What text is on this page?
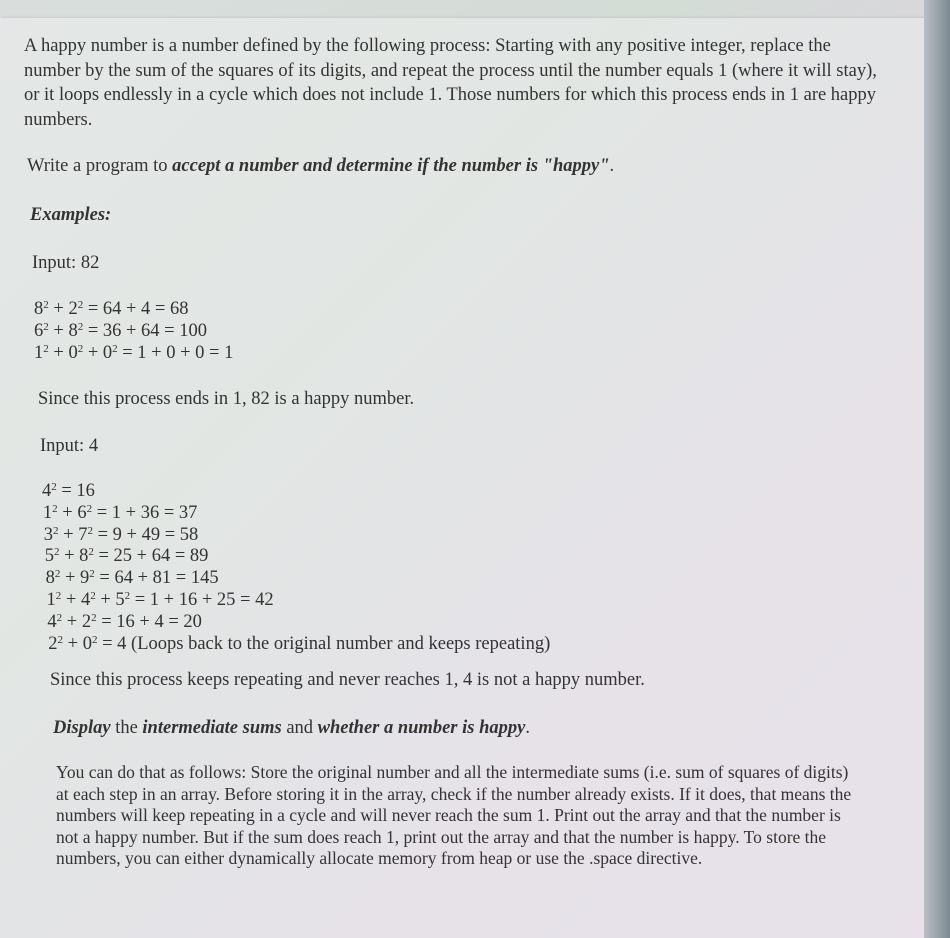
A happy number is a number defined by the following process: Starting with any positive integer, replace the number by the sum of the squares of its digits, and repeat the process until the number equals 1 (where it will stay), or it loops endlessly in a cycle which does not include 1. Those numbers for which this process ends in 1 are happy numbers.
Write a program to accept a number and determine if the number is "happy".
Examples:
Input: 82
$8^2 + 2^2 = 64 + 4 = 68$
$6^2 + 8^2 = 36 + 64 = 100$
$1^2 + 0^2 + 0^2 = 1 + 0 + 0 = 1$
Since this process ends in 1, 82 is a happy number.
Input: 4
$4^2 = 16$
$1^2 + 6^2 = 1 + 36 = 37$
$3^2 + 7^2 = 9 + 49 = 58$
$5^2 + 8^2 = 25 + 64 = 89$
$8^2 + 9^2 = 64 + 81 = 145$
$1^2 + 4^2 + 5^2 = 1 + 16 + 25 = 42$
$4^2 + 2^2 = 16 + 4 = 20$
$2^2 + 0^2 = 4$ (Loops back to the original number and keeps repeating)
Since this process keeps repeating and never reaches 1, 4 is not a happy number.
Display the intermediate sums and whether a number is happy.
You can do that as follows: Store the original number and all the intermediate sums (i.e. sum of squares of digits) at each step in an array. Before storing it in the array, check if the number already exists. If it does, that means the numbers will keep repeating in a cycle and will never reach the sum 1. Print out the array and that the number is not a happy number. But if the sum does reach 1, print out the array and that the number is happy. To store the numbers, you can either dynamically allocate memory from heap or use the .space directive.
